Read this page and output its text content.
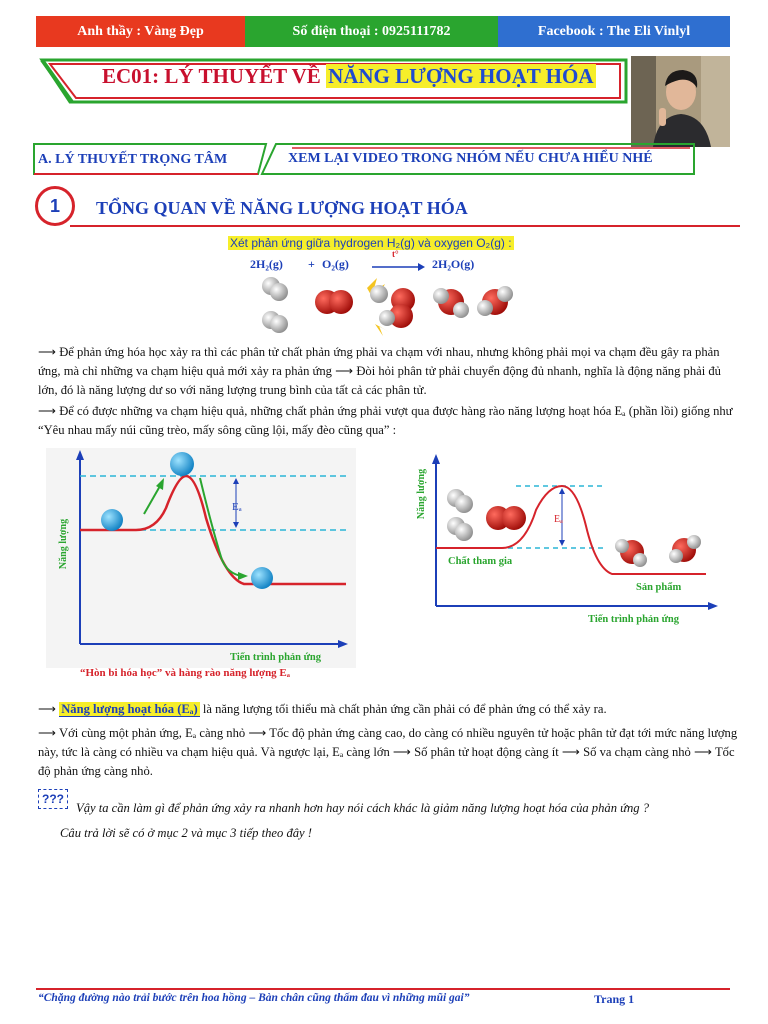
Anh thầy : Vàng Đẹp	Số điện thoại : 0925111782	Facebook : The Eli Vinlyl
EC01: LÝ THUYẾT VỀ NĂNG LƯỢNG HOẠT HÓA
A. LÝ THUYẾT TRỌNG TÂM	XEM LẠI VIDEO TRONG NHÓM NẾU CHƯA HIỂU NHÉ
1	TỔNG QUAN VỀ NĂNG LƯỢNG HOẠT HÓA
Xét phản ứng giữa hydrogen H₂(g) và oxygen O₂(g) :
2H₂(g) + O₂(g)
t°
2H₂O(g)
⟶ Để phản ứng hóa học xảy ra thì các phân tử chất phản ứng phải va chạm với nhau, nhưng không phải mọi va chạm đều gây ra phản ứng, mà chỉ những va chạm hiệu quả mới xảy ra phản ứng ⟶ Đòi hỏi phân tử phải chuyển động đủ nhanh, nghĩa là động năng phải đủ lớn, đó là năng lượng dư so với năng lượng trung bình của tất cả các phân tử.
⟶ Để có được những va chạm hiệu quả, những chất phản ứng phải vượt qua được hàng rào năng lượng hoạt hóa Eₐ (phần lồi) giống như “Yêu nhau mấy núi cũng trèo, mấy sông cũng lội, mấy đèo cũng qua” :
Eₐ
Năng lượng
Tiến trình phản ứng
“Hòn bi hóa học” và hàng rào năng lượng Eₐ
Eₐ
Chất tham gia
Sản phẩm
Năng lượng
Tiến trình phản ứng
⟶ Năng lượng hoạt hóa (Eₐ) là năng lượng tối thiểu mà chất phản ứng cần phải có để phản ứng có thể xảy ra.
⟶ Với cùng một phản ứng, Eₐ càng nhỏ ⟶ Tốc độ phản ứng càng cao, do càng có nhiều nguyên tử hoặc phân tử đạt tới mức năng lượng này, tức là càng có nhiều va chạm hiệu quả. Và ngược lại, Eₐ càng lớn ⟶ Số phân tử hoạt động càng ít ⟶ Số va chạm càng nhỏ ⟶ Tốc độ phản ứng càng nhỏ.
???
Vậy ta cần làm gì để phản ứng xảy ra nhanh hơn hay nói cách khác là giảm năng lượng hoạt hóa của phản ứng ?
Câu trả lời sẽ có ở mục 2 và mục 3 tiếp theo đây !
“Chặng đường nào trải bước trên hoa hồng – Bàn chân cũng thấm đau vì những mũi gai”	Trang 1
